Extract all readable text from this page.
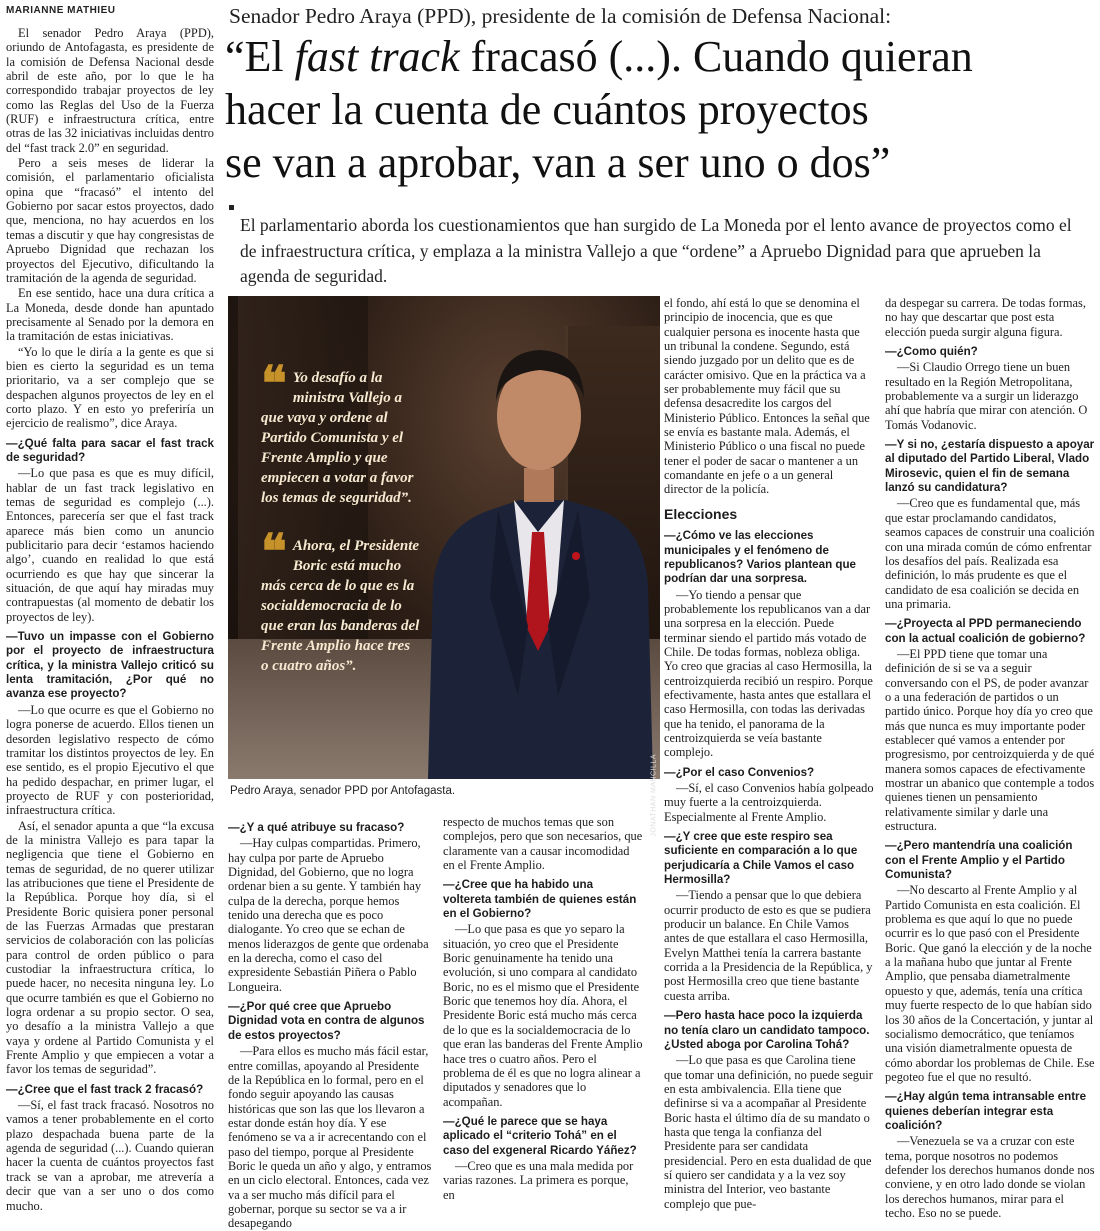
MARIANNE MATHIEU	Senador Pedro Araya (PPD), presidente de la comisión de Defensa Nacional:
“El fast track fracasó (...). Cuando quieran
hacer la cuenta de cuántos proyectos
se van a aprobar, van a ser uno o dos”
El parlamentario aborda los cuestionamientos que han surgido de La Moneda por el lento avance de proyectos como el de infraestructura crítica, y emplaza a la ministra Vallejo a que “ordene” a Apruebo Dignidad para que aprueben la agenda de seguridad.

El senador Pedro Araya (PPD), oriundo de Antofagasta, es presidente de la comisión de Defensa Nacional desde abril de este año, por lo que le ha correspondido trabajar proyectos de ley como las Reglas del Uso de la Fuerza (RUF) e infraestructura crítica, entre otras de las 32 iniciativas incluidas dentro del “fast track 2.0” en seguridad.

Pero a seis meses de liderar la comisión, el parlamentario oficialista opina que “fracasó” el intento del Gobierno por sacar estos proyectos, dado que, menciona, no hay acuerdos en los temas a discutir y que hay congresistas de Apruebo Dignidad que rechazan los proyectos del Ejecutivo, dificultando la tramitación de la agenda de seguridad.

En ese sentido, hace una dura crítica a La Moneda, desde donde han apuntado precisamente al Senado por la demora en la tramitación de estas iniciativas.

“Yo lo que le diría a la gente es que si bien es cierto la seguridad es un tema prioritario, va a ser complejo que se despachen algunos proyectos de ley en el corto plazo. Y en esto yo preferiría un ejercicio de realismo”, dice Araya.

—¿Qué falta para sacar el fast track de seguridad?

—Lo que pasa es que es muy difícil, hablar de un fast track legislativo en temas de seguridad es complejo (...). Entonces, parecería ser que el fast track aparece más bien como un anuncio publicitario para decir ‘estamos haciendo algo’, cuando en realidad lo que está ocurriendo es que hay que sincerar la situación, de que aquí hay miradas muy contrapuestas (al momento de debatir los proyectos de ley).

—Tuvo un impasse con el Gobierno por el proyecto de infraestructura crítica, y la ministra Vallejo criticó su lenta tramitación, ¿Por qué no avanza ese proyecto?

—Lo que ocurre es que el Gobierno no logra ponerse de acuerdo. Ellos tienen un desorden legislativo respecto de cómo tramitar los distintos proyectos de ley. En ese sentido, es el propio Ejecutivo el que ha pedido despachar, en primer lugar, el proyecto de RUF y con posterioridad, infraestructura crítica.

Así, el senador apunta a que “la excusa de la ministra Vallejo es para tapar la negligencia que tiene el Gobierno en temas de seguridad, de no querer utilizar las atribuciones que tiene el Presidente de la República. Porque hoy día, si el Presidente Boric quisiera poner personal de las Fuerzas Armadas que prestaran servicios de colaboración con las policías para control de orden público o para custodiar la infraestructura crítica, lo puede hacer, no necesita ninguna ley. Lo que ocurre también es que el Gobierno no logra ordenar a su propio sector. O sea, yo desafío a la ministra Vallejo a que vaya y ordene al Partido Comunista y el Frente Amplio y que empiecen a votar a favor los temas de seguridad”.

—¿Cree que el fast track 2 fracasó?

—Sí, el fast track fracasó. Nosotros no vamos a tener probablemente en el corto plazo despachada buena parte de la agenda de seguridad (...). Cuando quieran hacer la cuenta de cuántos proyectos fast track se van a aprobar, me atrevería a decir que van a ser uno o dos como mucho.

❝ Yo desafío a la ministra Vallejo a que vaya y ordene al Partido Comunista y el Frente Amplio y que empiecen a votar a favor los temas de seguridad”.
❝ Ahora, el Presidente Boric está mucho más cerca de lo que es la socialdemocracia de lo que eran las banderas del Frente Amplio hace tres o cuatro años”.
JONATHAN MANCILLA
Pedro Araya, senador PPD por Antofagasta.

—¿Y a qué atribuye su fracaso?

—Hay culpas compartidas. Primero, hay culpa por parte de Apruebo Dignidad, del Gobierno, que no logra ordenar bien a su gente. Y también hay culpa de la derecha, porque hemos tenido una derecha que es poco dialogante. Yo creo que se echan de menos liderazgos de gente que ordenaba en la derecha, como el caso del expresidente Sebastián Piñera o Pablo Longueira.

—¿Por qué cree que Apruebo Dignidad vota en contra de algunos de estos proyectos?

—Para ellos es mucho más fácil estar, entre comillas, apoyando al Presidente de la República en lo formal, pero en el fondo seguir apoyando las causas históricas que son las que los llevaron a estar donde están hoy día. Y ese fenómeno se va a ir acrecentando con el paso del tiempo, porque al Presidente Boric le queda un año y algo, y entramos en un ciclo electoral. Entonces, cada vez va a ser mucho más difícil para el gobernar, porque su sector se va a ir desapegando

respecto de muchos temas que son complejos, pero que son necesarios, que claramente van a causar incomodidad en el Frente Amplio.

—¿Cree que ha habido una voltereta también de quienes están en el Gobierno?

—Lo que pasa es que yo separo la situación, yo creo que el Presidente Boric genuinamente ha tenido una evolución, si uno compara al candidato Boric, no es el mismo que el Presidente Boric que tenemos hoy día. Ahora, el Presidente Boric está mucho más cerca de lo que es la socialdemocracia de lo que eran las banderas del Frente Amplio hace tres o cuatro años. Pero el problema de él es que no logra alinear a diputados y senadores que lo acompañan.

—¿Qué le parece que se haya aplicado el “criterio Tohá” en el caso del exgeneral Ricardo Yáñez?

—Creo que es una mala medida por varias razones. La primera es porque, en

el fondo, ahí está lo que se denomina el principio de inocencia, que es que cualquier persona es inocente hasta que un tribunal la condene. Segundo, está siendo juzgado por un delito que es de carácter omisivo. Que en la práctica va a ser probablemente muy fácil que su defensa desacredite los cargos del Ministerio Público. Entonces la señal que se envía es bastante mala. Además, el Ministerio Público o una fiscal no puede tener el poder de sacar o mantener a un comandante en jefe o a un general director de la policía.

Elecciones

—¿Cómo ve las elecciones municipales y el fenómeno de republicanos? Varios plantean que podrían dar una sorpresa.

—Yo tiendo a pensar que probablemente los republicanos van a dar una sorpresa en la elección. Puede terminar siendo el partido más votado de Chile. De todas formas, nobleza obliga. Yo creo que gracias al caso Hermosilla, la centroizquierda recibió un respiro. Porque efectivamente, hasta antes que estallara el caso Hermosilla, con todas las derivadas que ha tenido, el panorama de la centroizquierda se veía bastante complejo.

—¿Por el caso Convenios?

—Sí, el caso Convenios había golpeado muy fuerte a la centroizquierda. Especialmente al Frente Amplio.

—¿Y cree que este respiro sea suficiente en comparación a lo que perjudicaría a Chile Vamos el caso Hermosilla?

—Tiendo a pensar que lo que debiera ocurrir producto de esto es que se pudiera producir un balance. En Chile Vamos antes de que estallara el caso Hermosilla, Evelyn Matthei tenía la carrera bastante corrida a la Presidencia de la República, y post Hermosilla creo que tiene bastante cuesta arriba.

—Pero hasta hace poco la izquierda no tenía claro un candidato tampoco. ¿Usted aboga por Carolina Tohá?

—Lo que pasa es que Carolina tiene que tomar una definición, no puede seguir en esta ambivalencia. Ella tiene que definirse si va a acompañar al Presidente Boric hasta el último día de su mandato o hasta que tenga la confianza del Presidente para ser candidata presidencial. Pero en esta dualidad de que sí quiero ser candidata y a la vez soy ministra del Interior, veo bastante complejo que pue-

da despegar su carrera. De todas formas, no hay que descartar que post esta elección pueda surgir alguna figura.

—¿Como quién?

—Si Claudio Orrego tiene un buen resultado en la Región Metropolitana, probablemente va a surgir un liderazgo ahí que habría que mirar con atención. O Tomás Vodanovic.

—Y si no, ¿estaría dispuesto a apoyar al diputado del Partido Liberal, Vlado Mirosevic, quien el fin de semana lanzó su candidatura?

—Creo que es fundamental que, más que estar proclamando candidatos, seamos capaces de construir una coalición con una mirada común de cómo enfrentar los desafíos del país. Realizada esa definición, lo más prudente es que el candidato de esa coalición se decida en una primaria.

—¿Proyecta al PPD permaneciendo con la actual coalición de gobierno?

—El PPD tiene que tomar una definición de si se va a seguir conversando con el PS, de poder avanzar o a una federación de partidos o un partido único. Porque hoy día yo creo que más que nunca es muy importante poder establecer qué vamos a entender por progresismo, por centroizquierda y de qué manera somos capaces de efectivamente mostrar un abanico que contemple a todos quienes tienen un pensamiento relativamente similar y darle una estructura.

—¿Pero mantendría una coalición con el Frente Amplio y el Partido Comunista?

—No descarto al Frente Amplio y al Partido Comunista en esta coalición. El problema es que aquí lo que no puede ocurrir es lo que pasó con el Presidente Boric. Que ganó la elección y de la noche a la mañana hubo que juntar al Frente Amplio, que pensaba diametralmente opuesto y que, además, tenía una crítica muy fuerte respecto de lo que habían sido los 30 años de la Concertación, y juntar al socialismo democrático, que teníamos una visión diametralmente opuesta de cómo abordar los problemas de Chile. Ese pegoteo fue el que no resultó.

—¿Hay algún tema intransable entre quienes deberían integrar esta coalición?

—Venezuela se va a cruzar con este tema, porque nosotros no podemos defender los derechos humanos donde nos conviene, y en otro lado donde se violan los derechos humanos, mirar para el techo. Eso no se puede.
